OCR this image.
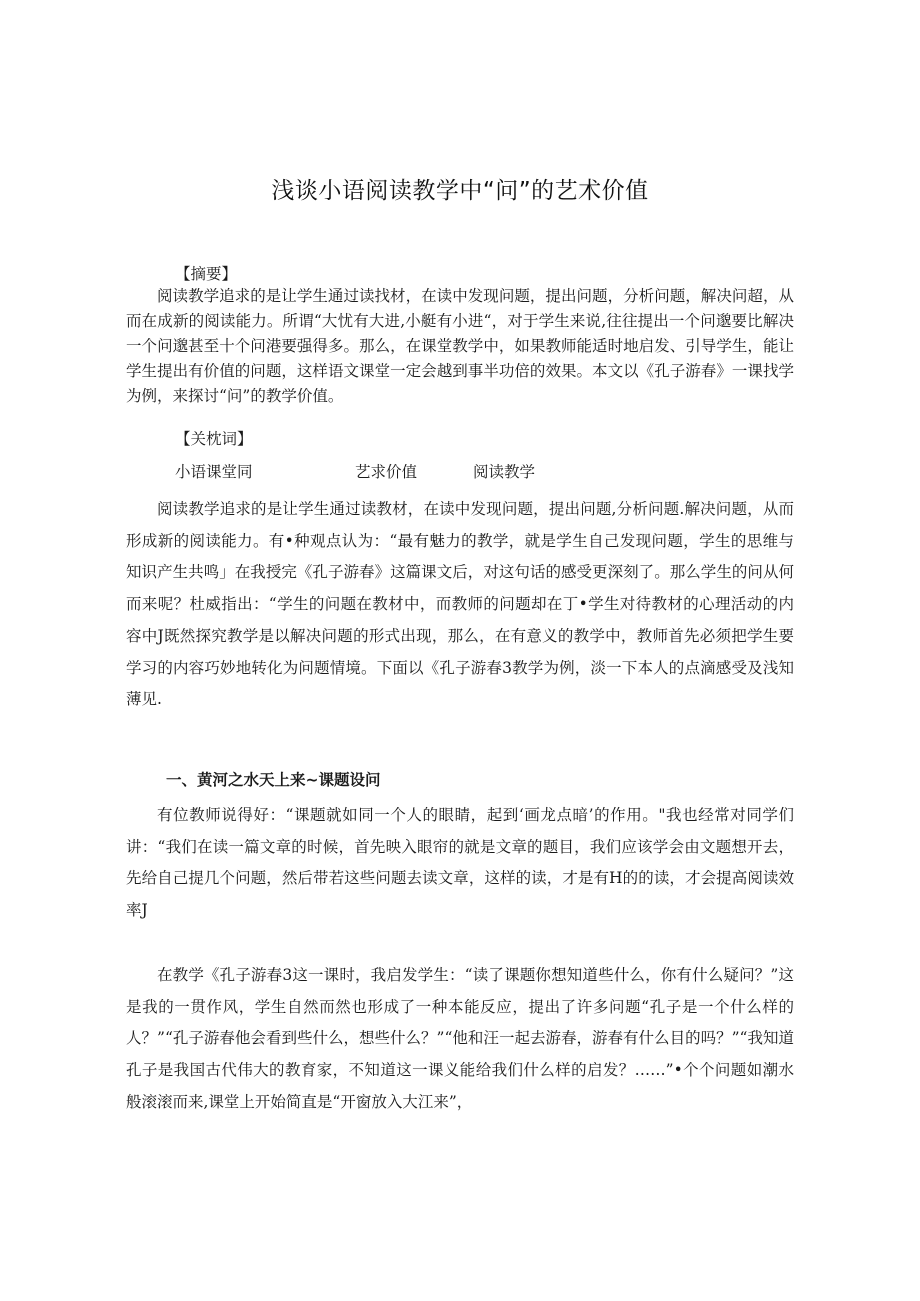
浅谈小语阅读教学中“问”的艺术价值
【摘要】

阅读教学追求的是让学生通过读找材，在读中发现问题，提出问题，分析问题，解决问超，从而在成新的阅读能力。所谓“大忧有大进,小艇有小进“，对于学生来说,往往提出一个问邈要比解决一个问邈甚至十个问港要强得多。那么，在课堂教学中，如果教师能适时地启发、引导学生，能让学生提出有价值的问题，这样语文课堂一定会越到事半功倍的效果。本文以《孔子游春》一课找学为例，来探讨“问”的教学价值。

【关枕词】
小语课堂同	艺求价值	阅读教学

阅读教学追求的是让学生通过读教材，在读中发现问题，提出问题,分析问题.解决问题，从而形成新的阅读能力。有•种观点认为：“最有魅力的教学，就是学生自己发现问题，学生的思维与知识产生共鸣」在我授完《孔子游春》这篇课文后，对这句话的感受更深刻了。那么学生的问从何而来呢？杜威指出：“学生的问题在教材中，而教师的问题却在丁•学生对待教材的心理活动的内容中J既然探究教学是以解决问题的形式出现，那么，在有意义的教学中，教师首先必须把学生要学习的内容巧妙地转化为问题情境。下面以《孔子游春3教学为例，淡一下本人的点滴感受及浅知薄见.

一、黄河之水天上来~课题设问

有位教师说得好：“课题就如同一个人的眼睛，起到‘画龙点暗’的作用。"我也经常对同学们讲：“我们在读一篇文章的时候，首先映入眼帘的就是文章的题目，我们应该学会由文题想开去，先给自己提几个问题，然后带若这些问题去读文章，这样的读，才是有H的的读，才会提高阅读效率J

在教学《孔子游春3这一课时，我启发学生：“读了课题你想知道些什么，你有什么疑问？”这是我的一贯作风，学生自然而然也形成了一种本能反应，提出了许多问题“孔子是一个什么样的人？”“孔子游春他会看到些什么，想些什么？”“他和汪一起去游春，游春有什么目的吗？”“我知道孔子是我国古代伟大的教育家，不知道这一课义能给我们什么样的启发？……”•个个问题如潮水般滚滚而来,课堂上开始简直是“开窗放入大江来”，
